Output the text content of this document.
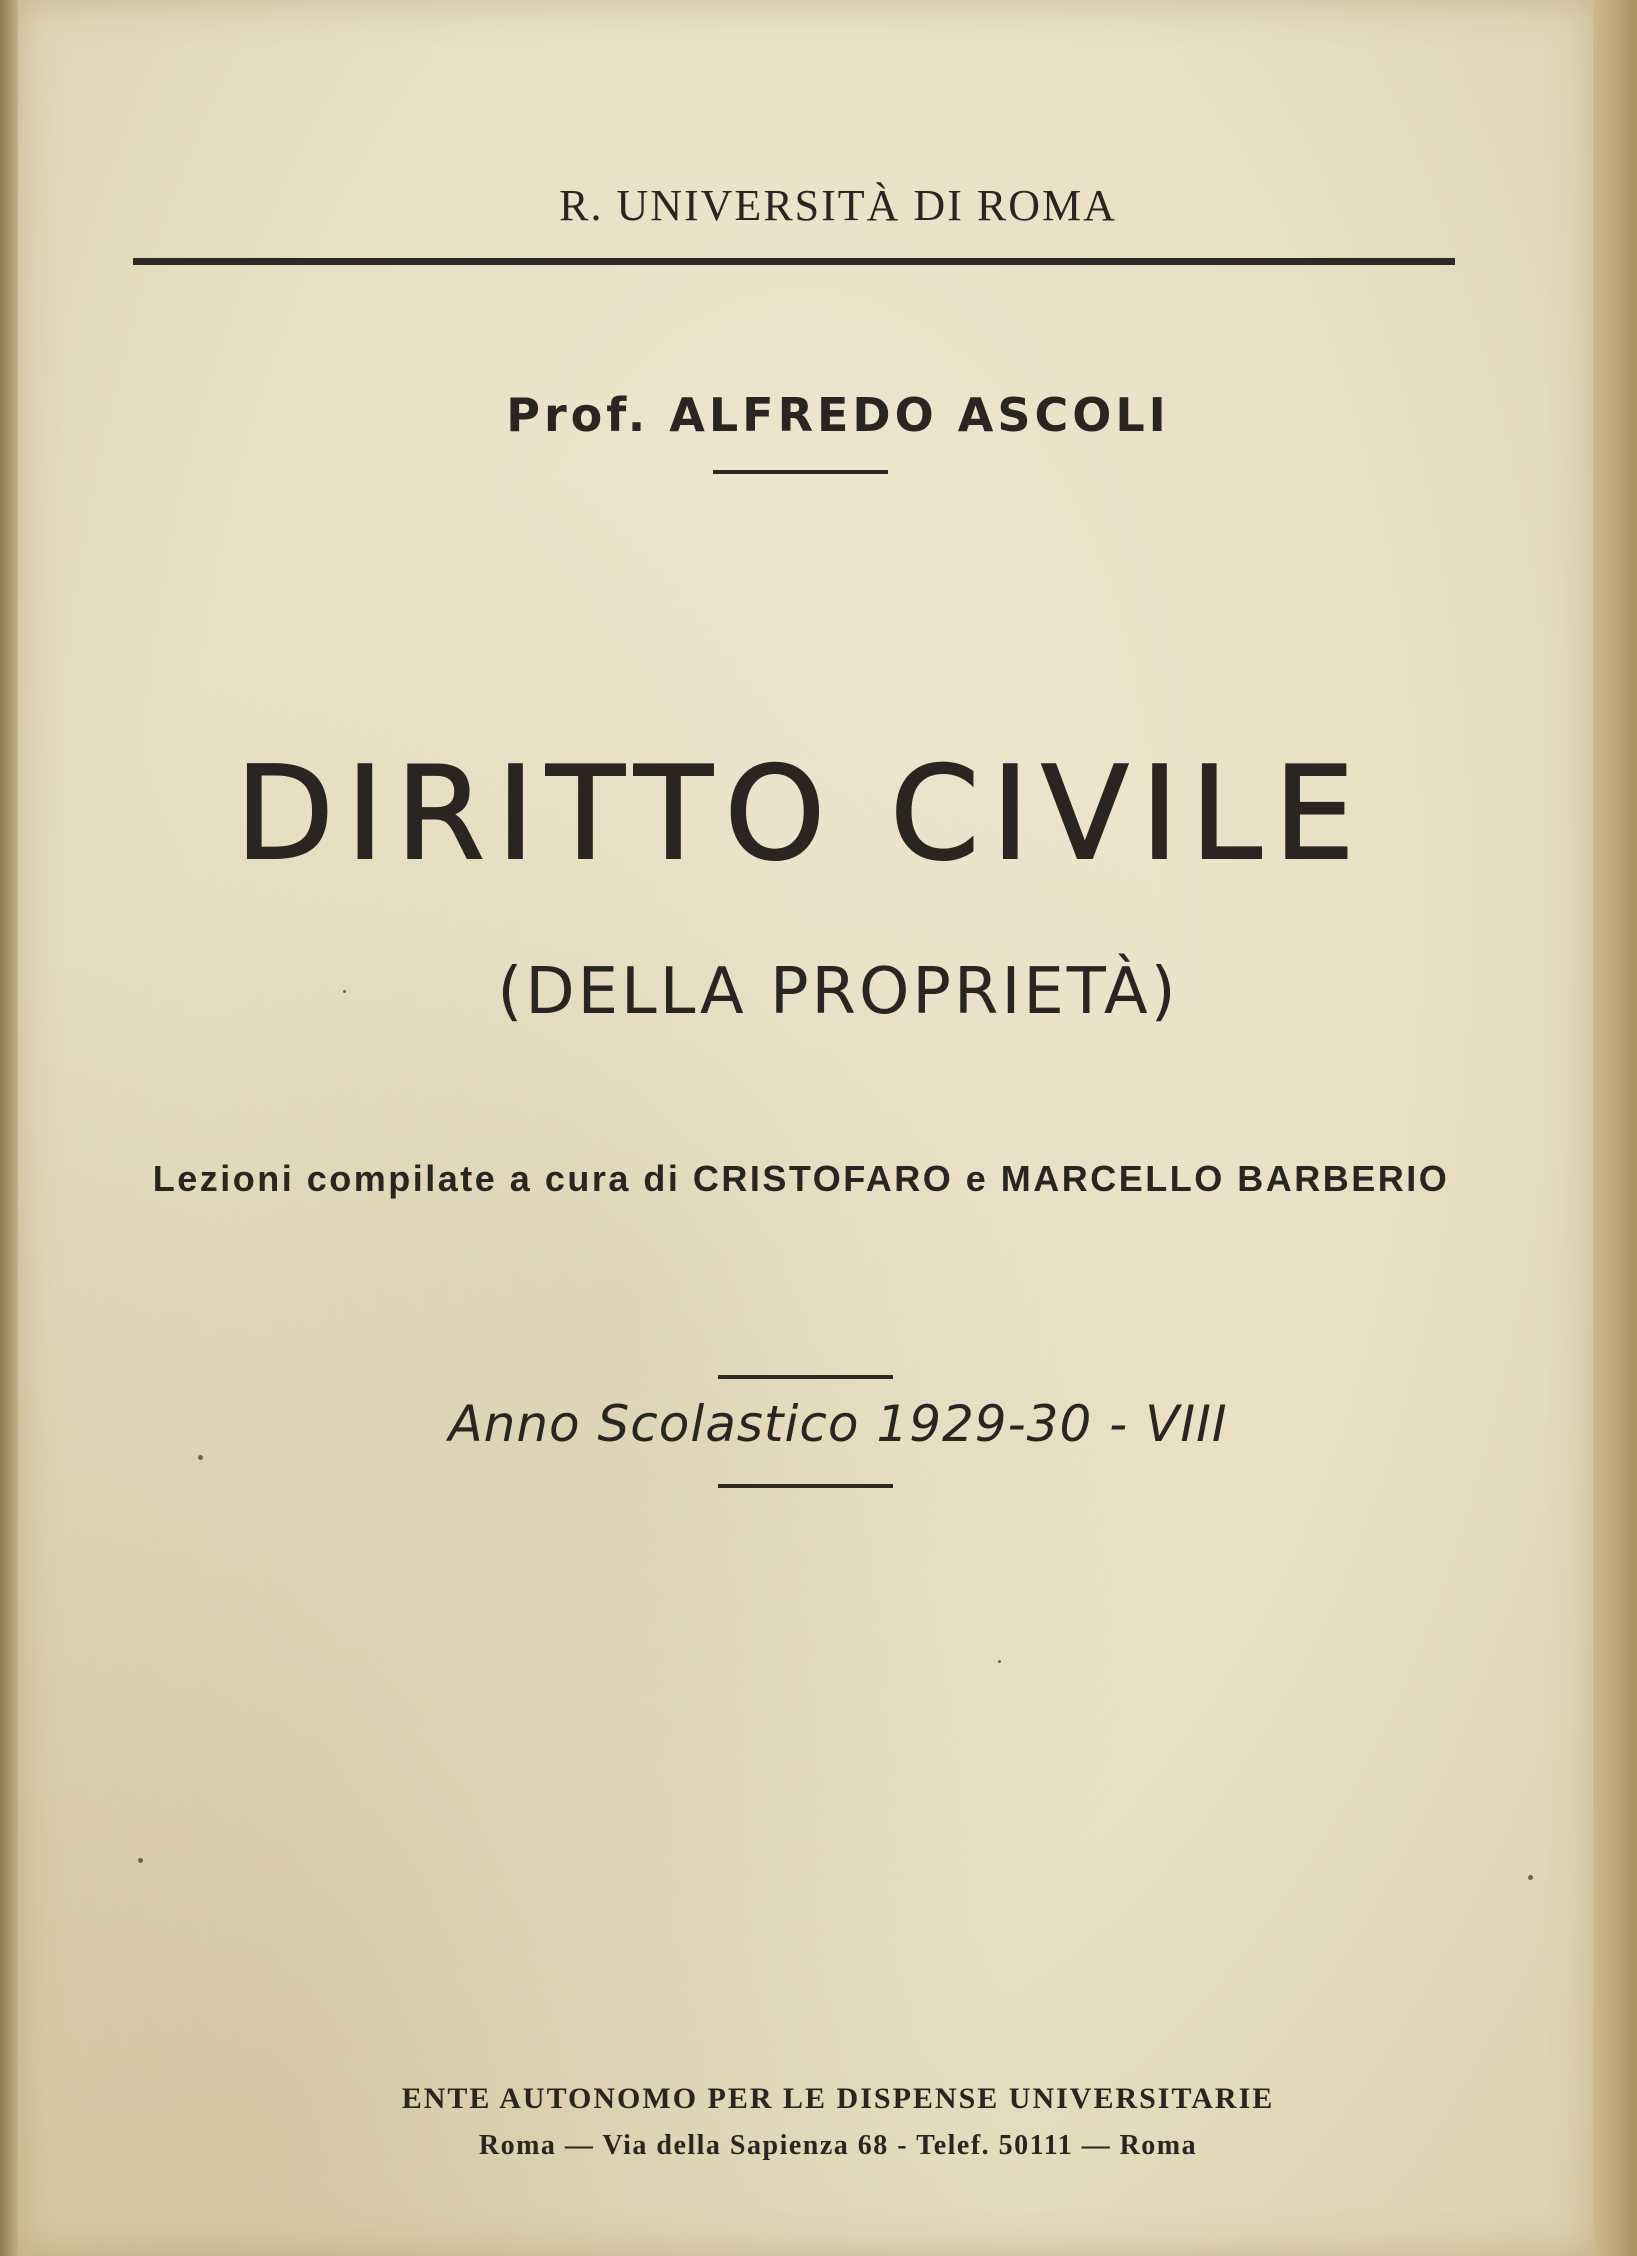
R. UNIVERSITÀ DI ROMA
Prof. ALFREDO ASCOLI
DIRITTO CIVILE
(DELLA PROPRIETÀ)
Lezioni compilate a cura di CRISTOFARO e MARCELLO BARBERIO
Anno Scolastico 1929-30 - VIII
ENTE AUTONOMO PER LE DISPENSE UNIVERSITARIE
Roma — Via della Sapienza 68 - Telef. 50111 — Roma
